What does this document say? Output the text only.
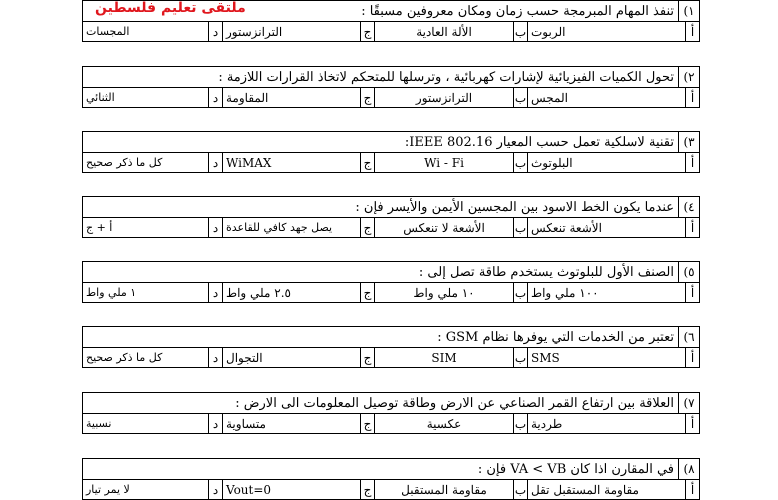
ملتقى تعليم فلسطين	١)
تنفذ المهام المبرمجة حسب زمان ومكان معروفين مسبقًا :
أ
الربوت
ب
الألة العادية
ج
الترانزستور
د
المجسات
٢)
تحول الكميات الفيزيائية لإشارات كهربائية ، وترسلها للمتحكم لاتخاذ القرارات اللازمة :
أ
المجس
ب
الترانزستور
ج
المقاومة
د
الثنائي
٣)
تقنية لاسلكية تعمل حسب المعيار IEEE 802.16:
أ
البلوتوث
ب
Wi - Fi
ج
WiMAX
د
كل ما ذكر صحيح
٤)
عندما يكون الخط الاسود بين المجسين الأيمن والأيسر فإن :
أ
الأشعة تنعكس
ب
الأشعة لا تنعكس
ج
يصل جهد كافي للقاعدة
د
أ + ج
٥)
الصنف الأول للبلوتوث يستخدم طاقة تصل إلى :
أ
١٠٠ ملي واط
ب
١٠ ملي واط
ج
٢.٥ ملي واط
د
١ ملي واط
٦)
تعتبر من الخدمات التي يوفرها نظام GSM :
أ
SMS
ب
SIM
ج
التجوال
د
كل ما ذكر صحيح
٧)
العلاقة بين ارتفاع القمر الصناعي عن الارض وطاقة توصيل المعلومات الى الارض :
أ
طردية
ب
عكسية
ج
متساوية
د
نسبية
٨)
في المقارن اذا كان VA < VB فإن :
أ
مقاومة المستقبل تقل
ب
مقاومة المستقبل
ج
Vout=0
د
لا يمر تيار
